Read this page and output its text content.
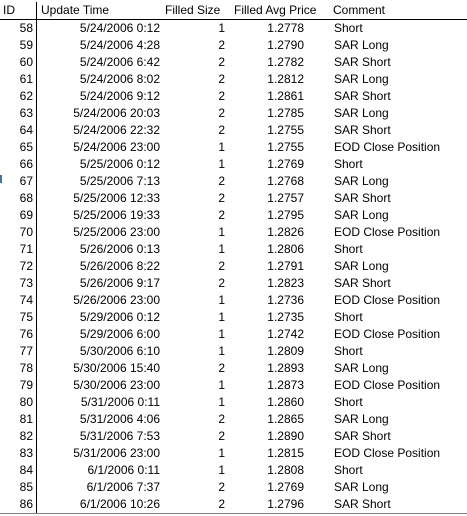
ID	Update Time	Filled Size	Filled Avg Price	Comment
58	5/24/2006 0:12	1	1.2778	Short
59	5/24/2006 4:28	2	1.2790	SAR Long
60	5/24/2006 6:42	2	1.2782	SAR Short
61	5/24/2006 8:02	2	1.2812	SAR Long
62	5/24/2006 9:12	2	1.2861	SAR Short
63	5/24/2006 20:03	2	1.2785	SAR Long
64	5/24/2006 22:32	2	1.2755	SAR Short
65	5/24/2006 23:00	1	1.2755	EOD Close Position
66	5/25/2006 0:12	1	1.2769	Short
67	5/25/2006 7:13	2	1.2768	SAR Long
68	5/25/2006 12:33	2	1.2757	SAR Short
69	5/25/2006 19:33	2	1.2795	SAR Long
70	5/25/2006 23:00	1	1.2826	EOD Close Position
71	5/26/2006 0:13	1	1.2806	Short
72	5/26/2006 8:22	2	1.2791	SAR Long
73	5/26/2006 9:17	2	1.2823	SAR Short
74	5/26/2006 23:00	1	1.2736	EOD Close Position
75	5/29/2006 0:12	1	1.2735	Short
76	5/29/2006 6:00	1	1.2742	EOD Close Position
77	5/30/2006 6:10	1	1.2809	Short
78	5/30/2006 15:40	2	1.2893	SAR Long
79	5/30/2006 23:00	1	1.2873	EOD Close Position
80	5/31/2006 0:11	1	1.2860	Short
81	5/31/2006 4:06	2	1.2865	SAR Long
82	5/31/2006 7:53	2	1.2890	SAR Short
83	5/31/2006 23:00	1	1.2815	EOD Close Position
84	6/1/2006 0:11	1	1.2808	Short
85	6/1/2006 7:37	2	1.2769	SAR Long
86	6/1/2006 10:26	2	1.2796	SAR Short
